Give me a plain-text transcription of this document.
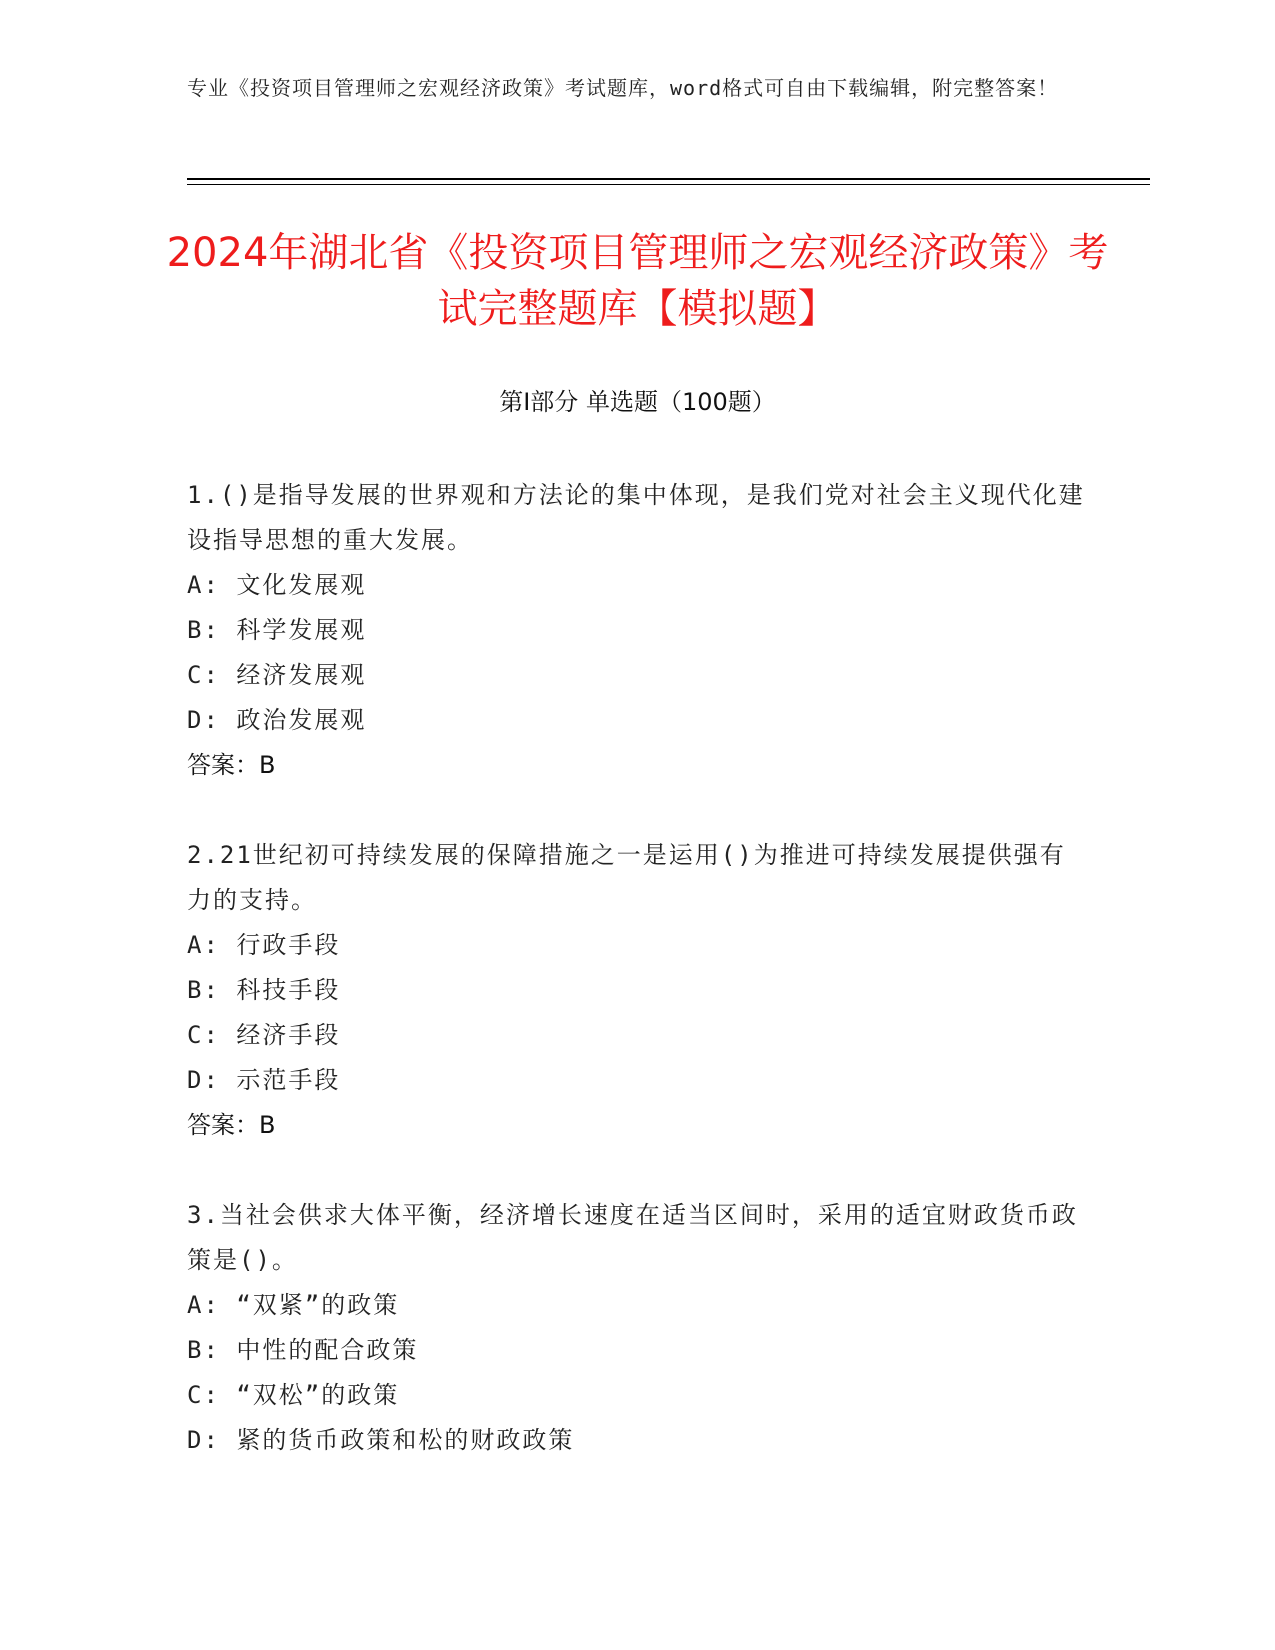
专业《投资项目管理师之宏观经济政策》考试题库，word格式可自由下载编辑，附完整答案！
2024年湖北省《投资项目管理师之宏观经济政策》考试完整题库【模拟题】
第I部分 单选题（100题）

1.()是指导发展的世界观和方法论的集中体现，是我们党对社会主义现代化建设指导思想的重大发展。

A: 文化发展观
B: 科学发展观
C: 经济发展观
D: 政治发展观
答案：B

2.21世纪初可持续发展的保障措施之一是运用()为推进可持续发展提供强有力的支持。

A: 行政手段
B: 科技手段
C: 经济手段
D: 示范手段
答案：B

3.当社会供求大体平衡，经济增长速度在适当区间时，采用的适宜财政货币政策是()。

A: “双紧”的政策
B: 中性的配合政策
C: “双松”的政策
D: 紧的货币政策和松的财政政策
